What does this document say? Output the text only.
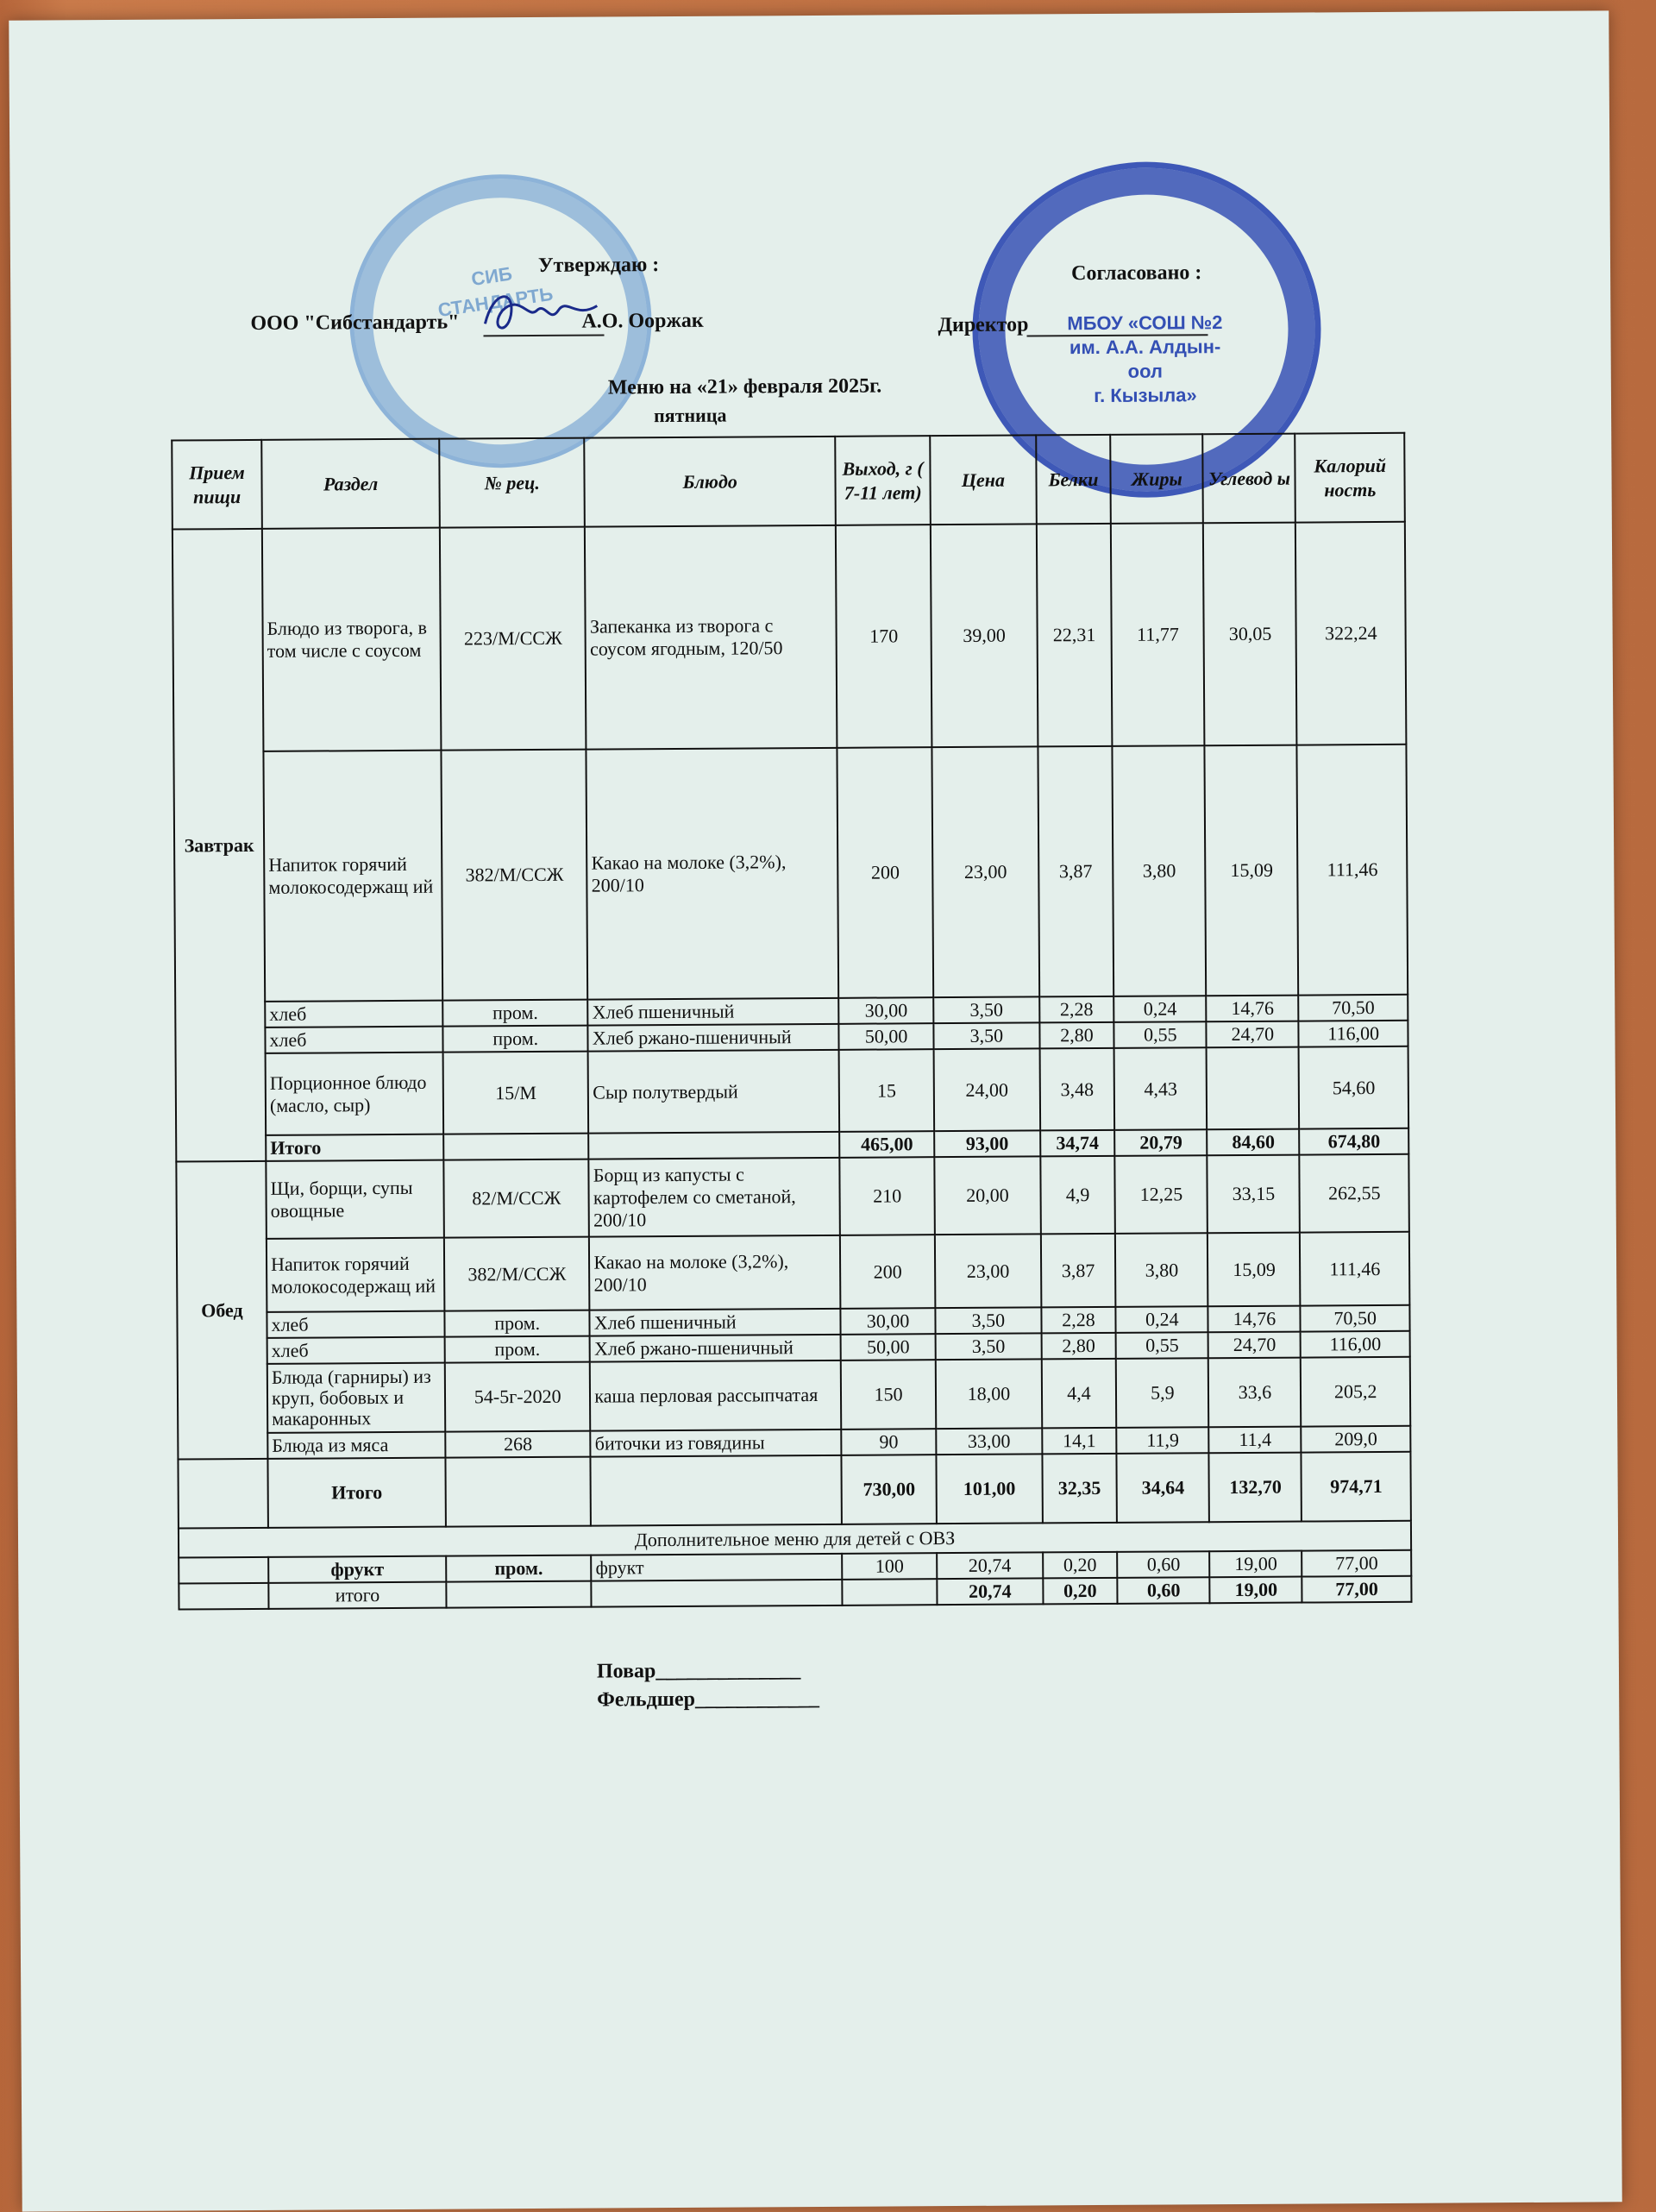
СИБ
СТАНДАРТЬ
МБОУ «СОШ №2
им. А.А. Алдын-оол
г. Кызыла»
Утверждаю :	Согласовано :
ООО "Сибстандарть"	А.О. Ооржак	Директор
Меню на «21» февраля 2025г.
пятница
Прием пищи	Раздел	№ рец.	Блюдо	Выход, г ( 7-11 лет)	Цена	Белки	Жиры	Углевод ы	Калорий ность
Завтрак	Блюдо из творога, в том числе с соусом	223/М/ССЖ	Запеканка из творога с соусом ягодным, 120/50	170	39,00	22,31	11,77	30,05	322,24
	Напиток горячий молокосодержащ ий	382/М/ССЖ	Какао на молоке (3,2%), 200/10	200	23,00	3,87	3,80	15,09	111,46
	хлеб	пром.	Хлеб пшеничный	30,00	3,50	2,28	0,24	14,76	70,50
	хлеб	пром.	Хлеб ржано-пшеничный	50,00	3,50	2,80	0,55	24,70	116,00
	Порционное блюдо (масло, сыр)	15/М	Сыр полутвердый	15	24,00	3,48	4,43		54,60
	Итого			465,00	93,00	34,74	20,79	84,60	674,80
Обед	Щи, борщи, супы овощные	82/М/ССЖ	Борщ из капусты с картофелем со сметаной, 200/10	210	20,00	4,9	12,25	33,15	262,55
	Напиток горячий молокосодержащ ий	382/М/ССЖ	Какао на молоке (3,2%), 200/10	200	23,00	3,87	3,80	15,09	111,46
	хлеб	пром.	Хлеб пшеничный	30,00	3,50	2,28	0,24	14,76	70,50
	хлеб	пром.	Хлеб ржано-пшеничный	50,00	3,50	2,80	0,55	24,70	116,00
	Блюда (гарниры) из круп, бобовых и макаронных	54-5г-2020	каша перловая рассыпчатая	150	18,00	4,4	5,9	33,6	205,2
	Блюда из мяса	268	биточки из говядины	90	33,00	14,1	11,9	11,4	209,0
	Итого			730,00	101,00	32,35	34,64	132,70	974,71
Дополнительное меню для детей с ОВЗ									
	фрукт	пром.	фрукт	100	20,74	0,20	0,60	19,00	77,00
	итого				20,74	0,20	0,60	19,00	77,00
Повар______________
Фельдшер____________
